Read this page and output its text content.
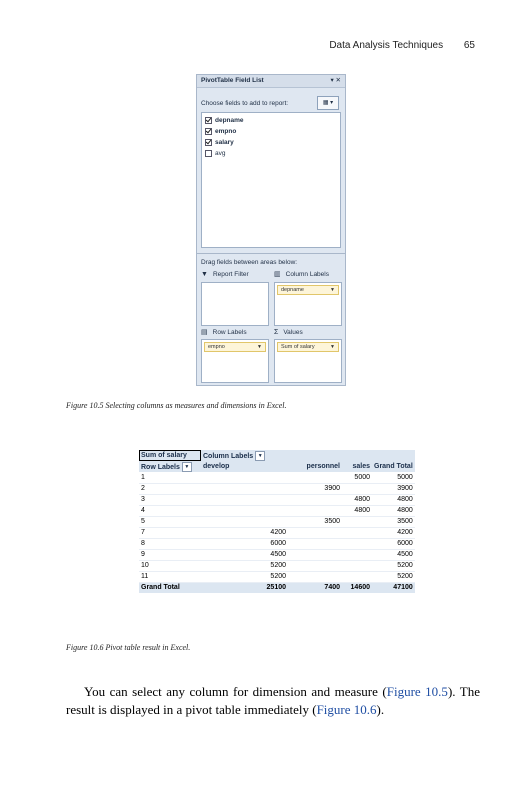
Data Analysis Techniques 65
PivotTable Field List	▾ ✕
Choose fields to add to report:	▦ ▾
depname
empno
salary
avg
Drag fields between areas below:
▼ Report Filter	▥ Column Labels
depname	▼
▤ Row Labels	Σ Values
empno	▼	Sum of salary	▼
Figure 10.5 Selecting columns as measures and dimensions in Excel.
Sum of salary	Column Labels ▼			
Row Labels ▼	develop	personnel	sales	Grand Total
1			5000	5000
2		3900		3900
3			4800	4800
4			4800	4800
5		3500		3500
7	4200			4200
8	6000			6000
9	4500			4500
10	5200			5200
11	5200			5200
Grand Total	25100	7400	14600	47100
Figure 10.6 Pivot table result in Excel.

You can select any column for dimension and measure (Figure 10.5). The result is displayed in a pivot table immediately (Figure 10.6).
